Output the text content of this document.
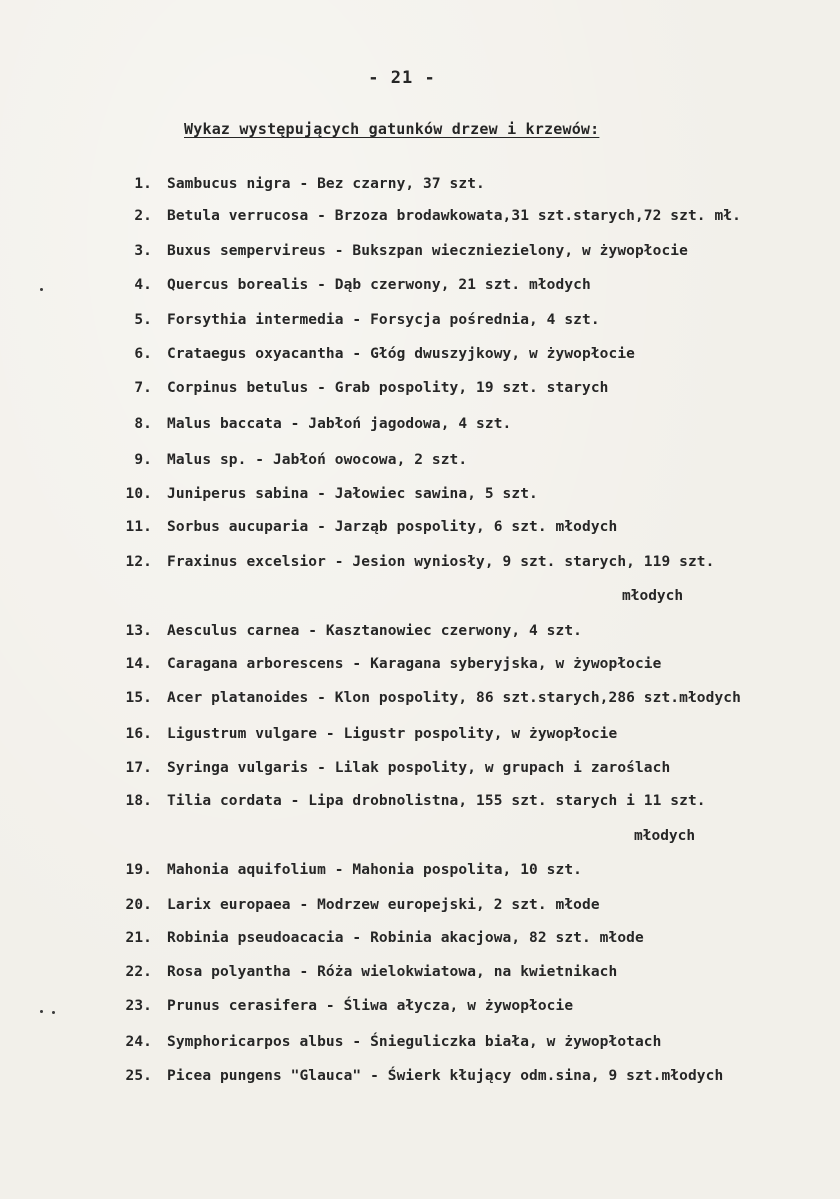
- 21 -
Wykaz występujących gatunków drzew i krzewów:
1. Sambucus nigra - Bez czarny, 37 szt.
2. Betula verrucosa - Brzoza brodawkowata,31 szt.starych,72 szt. mł.
3. Buxus sempervireus - Bukszpan wieczniezielony, w żywopłocie
4. Quercus borealis - Dąb czerwony, 21 szt. młodych
5. Forsythia intermedia - Forsycja pośrednia, 4 szt.
6. Crataegus oxyacantha - Głóg dwuszyjkowy, w żywopłocie
7. Corpinus betulus - Grab pospolity, 19 szt. starych
8. Malus baccata - Jabłoń jagodowa, 4 szt.
9. Malus sp. - Jabłoń owocowa, 2 szt.
10. Juniperus sabina - Jałowiec sawina, 5 szt.
11. Sorbus aucuparia - Jarząb pospolity, 6 szt. młodych
12. Fraxinus excelsior - Jesion wyniosły, 9 szt. starych, 119 szt.
młodych
13. Aesculus carnea - Kasztanowiec czerwony, 4 szt.
14. Caragana arborescens - Karagana syberyjska, w żywopłocie
15. Acer platanoides - Klon pospolity, 86 szt.starych,286 szt.młodych
16. Ligustrum vulgare - Ligustr pospolity, w żywopłocie
17. Syringa vulgaris - Lilak pospolity, w grupach i zaroślach
18. Tilia cordata - Lipa drobnolistna, 155 szt. starych i 11 szt.
młodych
19. Mahonia aquifolium - Mahonia pospolita, 10 szt.
20. Larix europaea - Modrzew europejski, 2 szt. młode
21. Robinia pseudoacacia - Robinia akacjowa, 82 szt. młode
22. Rosa polyantha - Róża wielokwiatowa, na kwietnikach
23. Prunus cerasifera - Śliwa ałycza, w żywopłocie
24. Symphoricarpos albus - Śnieguliczka biała, w żywopłotach
25. Picea pungens "Glauca" - Świerk kłujący odm.sina, 9 szt.młodych
